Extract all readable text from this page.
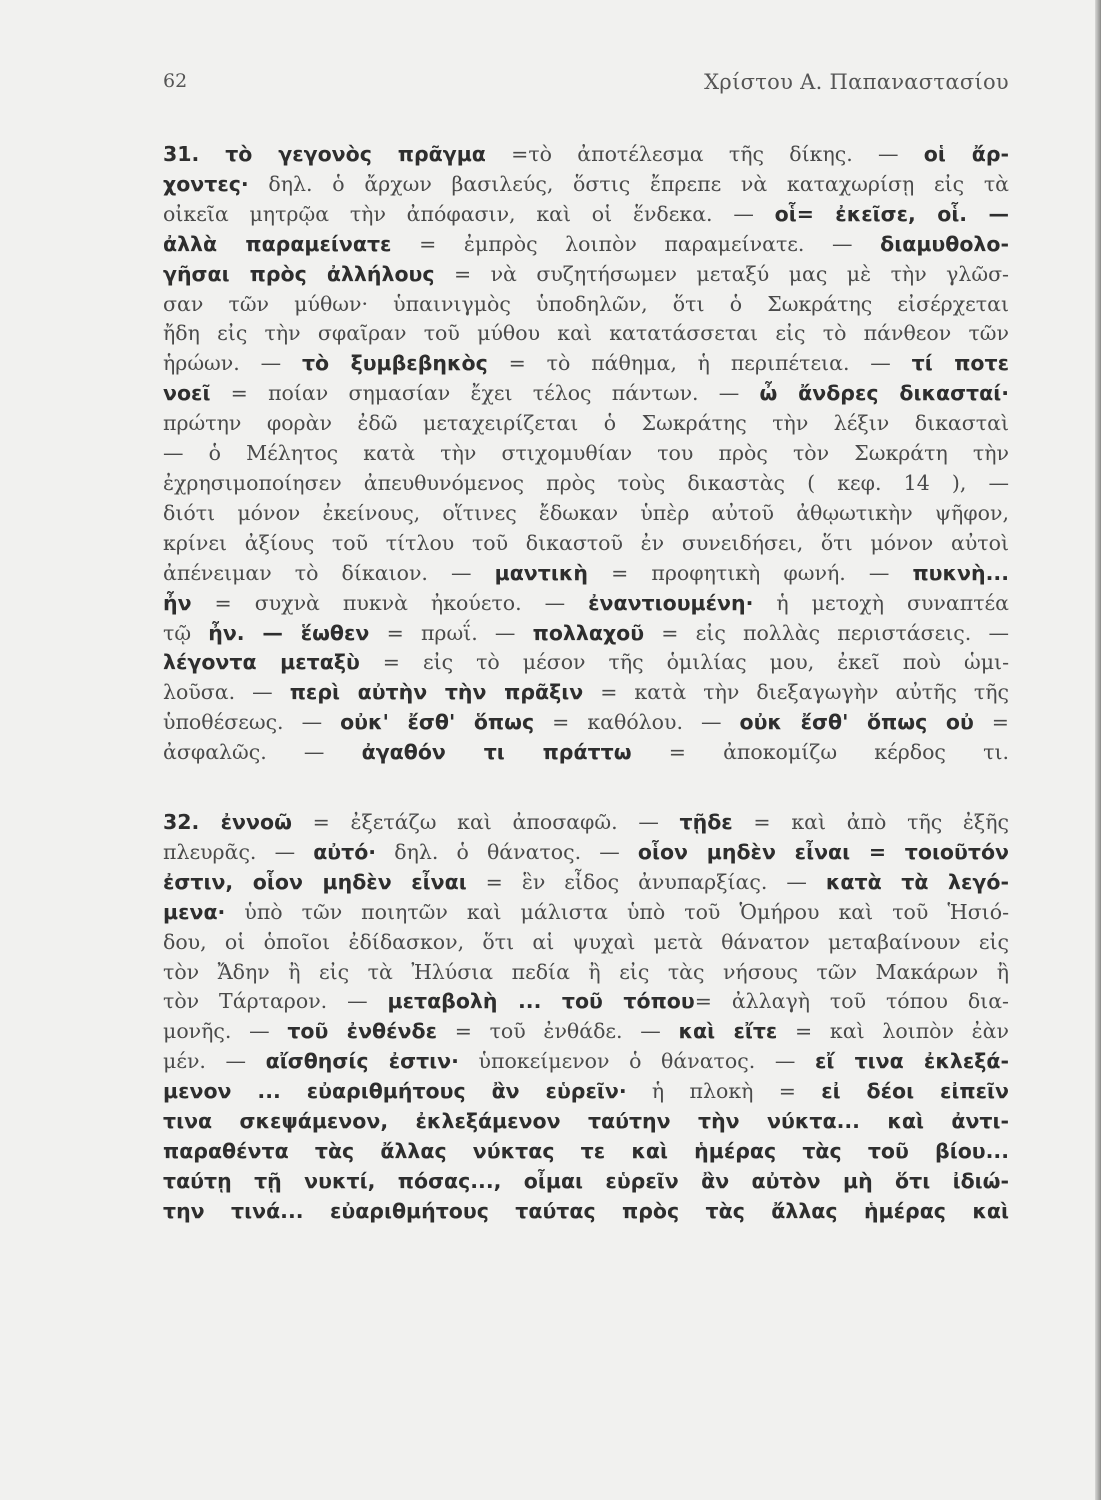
62	Χρίστου Α. Παπαναστασίου

31. τὸ γεγονὸς πρᾶγμα =τὸ ἀποτέλεσμα τῆς δίκης. — οἱ ἄρ-
χοντες· δηλ. ὁ ἄρχων βασιλεύς, ὅστις ἔπρεπε νὰ καταχωρίσῃ εἰς τὰ
οἰκεῖα μητρῷα τὴν ἀπόφασιν, καὶ οἱ ἕνδεκα. — οἷ= ἐκεῖσε, οἷ. —
ἀλλὰ παραμείνατε = ἐμπρὸς λοιπὸν παραμείνατε. — διαμυθολο-
γῆσαι πρὸς ἀλλήλους = νὰ συζητήσωμεν μεταξύ μας μὲ τὴν γλῶσ-
σαν τῶν μύθων· ὑπαινιγμὸς ὑποδηλῶν, ὅτι ὁ Σωκράτης εἰσέρχεται
ἤδη εἰς τὴν σφαῖραν τοῦ μύθου καὶ κατατάσσεται εἰς τὸ πάνθεον τῶν
ἡρώων. — τὸ ξυμβεβηκὸς = τὸ πάθημα, ἡ περιπέτεια. — τί ποτε
νοεῖ = ποίαν σημασίαν ἔχει τέλος πάντων. — ὦ ἄνδρες δικασταί·
πρώτην φορὰν ἐδῶ μεταχειρίζεται ὁ Σωκράτης τὴν λέξιν δικασταὶ
— ὁ Μέλητος κατὰ τὴν στιχομυθίαν του πρὸς τὸν Σωκράτη τὴν
ἐχρησιμοποίησεν ἀπευθυνόμενος πρὸς τοὺς δικαστὰς ( κεφ. 14 ), —
διότι μόνον ἐκείνους, οἵτινες ἔδωκαν ὑπὲρ αὐτοῦ ἀθῳωτικὴν ψῆφον,
κρίνει ἀξίους τοῦ τίτλου τοῦ δικαστοῦ ἐν συνειδήσει, ὅτι μόνον αὐτοὶ
ἀπένειμαν τὸ δίκαιον. — μαντικὴ = προφητικὴ φωνή. — πυκνὴ...
ἦν = συχνὰ πυκνὰ ἠκούετο. — ἐναντιουμένη· ἡ μετοχὴ συναπτέα
τῷ ἦν. — ἕωθεν = πρωΐ. — πολλαχοῦ = εἰς πολλὰς περιστάσεις. —
λέγοντα μεταξὺ = εἰς τὸ μέσον τῆς ὁμιλίας μου, ἐκεῖ ποὺ ὡμι-
λοῦσα. — περὶ αὐτὴν τὴν πρᾶξιν = κατὰ τὴν διεξαγωγὴν αὐτῆς τῆς
ὑποθέσεως. — οὐκ' ἔσθ' ὅπως = καθόλου. — οὐκ ἔσθ' ὅπως οὐ =
ἀσφαλῶς. — ἀγαθόν τι πράττω = ἀποκομίζω κέρδος τι.

32. ἐννοῶ = ἐξετάζω καὶ ἀποσαφῶ. — τῇδε = καὶ ἀπὸ τῆς ἐξῆς
πλευρᾶς. — αὐτό· δηλ. ὁ θάνατος. — οἷον μηδὲν εἶναι = τοιοῦτόν
ἐστιν, οἷον μηδὲν εἶναι = ἓν εἶδος ἀνυπαρξίας. — κατὰ τὰ λεγό-
μενα· ὑπὸ τῶν ποιητῶν καὶ μάλιστα ὑπὸ τοῦ Ὁμήρου καὶ τοῦ Ἡσιό-
δου, οἱ ὁποῖοι ἐδίδασκον, ὅτι αἱ ψυχαὶ μετὰ θάνατον μεταβαίνουν εἰς
τὸν Ἄδην ἢ εἰς τὰ Ἠλύσια πεδία ἢ εἰς τὰς νήσους τῶν Μακάρων ἢ
τὸν Τάρταρον. — μεταβολὴ ... τοῦ τόπου= ἀλλαγὴ τοῦ τόπου δια-
μονῆς. — τοῦ ἐνθένδε = τοῦ ἐνθάδε. — καὶ εἴτε = καὶ λοιπὸν ἐὰν
μέν. — αἴσθησίς ἐστιν· ὑποκείμενον ὁ θάνατος. — εἴ τινα ἐκλεξά-
μενον ... εὐαριθμήτους ἂν εὑρεῖν· ἡ πλοκὴ = εἰ δέοι εἰπεῖν
τινα σκεψάμενον, ἐκλεξάμενον ταύτην τὴν νύκτα... καὶ ἀντι-
παραθέντα τὰς ἄλλας νύκτας τε καὶ ἡμέρας τὰς τοῦ βίου...
ταύτῃ τῇ νυκτί, πόσας..., οἶμαι εὑρεῖν ἂν αὐτὸν μὴ ὅτι ἰδιώ-
την τινά... εὐαριθμήτους ταύτας πρὸς τὰς ἄλλας ἡμέρας καὶ
